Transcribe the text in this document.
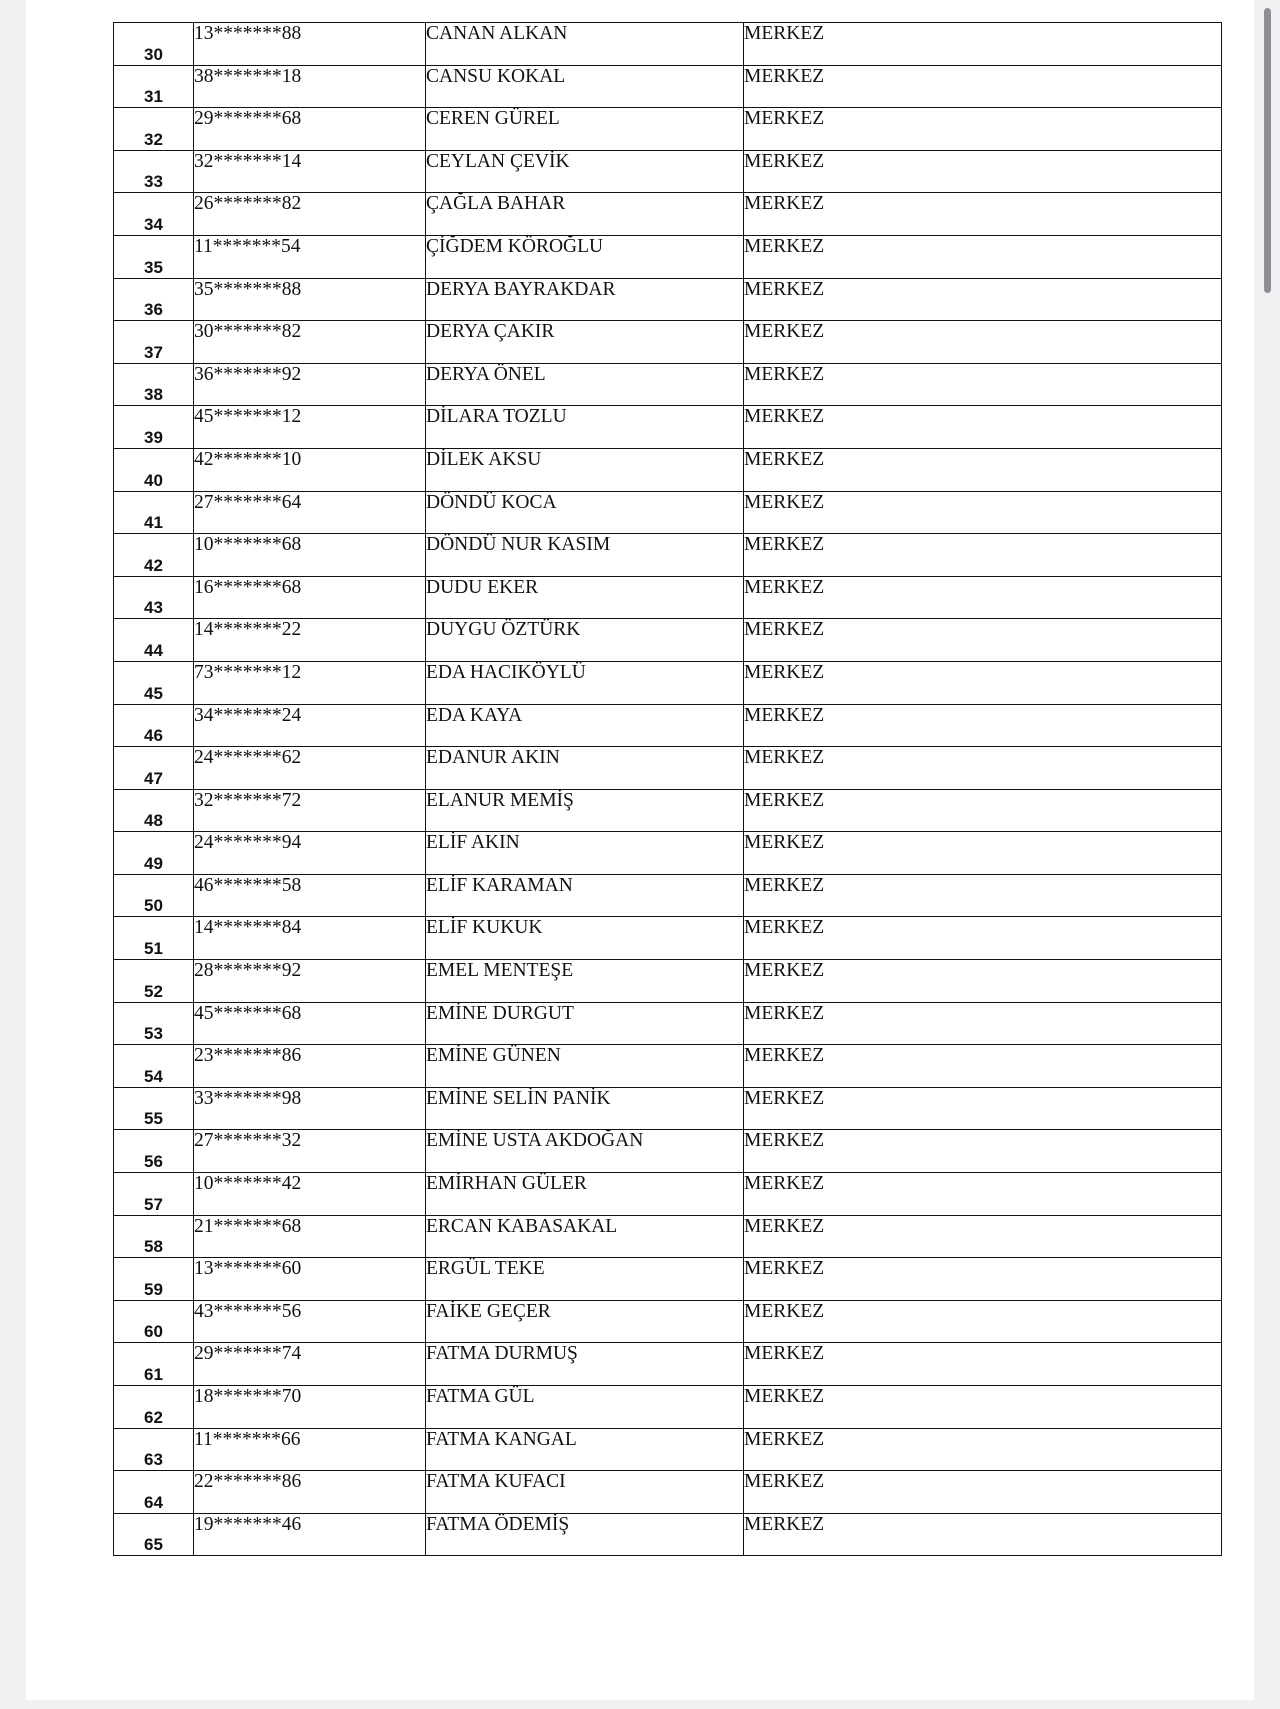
30	13*******88	CANAN ALKAN	MERKEZ
31	38*******18	CANSU KOKAL	MERKEZ
32	29*******68	CEREN GÜREL	MERKEZ
33	32*******14	CEYLAN ÇEVİK	MERKEZ
34	26*******82	ÇAĞLA BAHAR	MERKEZ
35	11*******54	ÇİĞDEM KÖROĞLU	MERKEZ
36	35*******88	DERYA BAYRAKDAR	MERKEZ
37	30*******82	DERYA ÇAKIR	MERKEZ
38	36*******92	DERYA ÖNEL	MERKEZ
39	45*******12	DİLARA TOZLU	MERKEZ
40	42*******10	DİLEK AKSU	MERKEZ
41	27*******64	DÖNDÜ KOCA	MERKEZ
42	10*******68	DÖNDÜ NUR KASIM	MERKEZ
43	16*******68	DUDU EKER	MERKEZ
44	14*******22	DUYGU ÖZTÜRK	MERKEZ
45	73*******12	EDA HACIKÖYLÜ	MERKEZ
46	34*******24	EDA KAYA	MERKEZ
47	24*******62	EDANUR AKIN	MERKEZ
48	32*******72	ELANUR MEMİŞ	MERKEZ
49	24*******94	ELİF AKIN	MERKEZ
50	46*******58	ELİF KARAMAN	MERKEZ
51	14*******84	ELİF KUKUK	MERKEZ
52	28*******92	EMEL MENTEŞE	MERKEZ
53	45*******68	EMİNE DURGUT	MERKEZ
54	23*******86	EMİNE GÜNEN	MERKEZ
55	33*******98	EMİNE SELİN PANİK	MERKEZ
56	27*******32	EMİNE USTA AKDOĞAN	MERKEZ
57	10*******42	EMİRHAN GÜLER	MERKEZ
58	21*******68	ERCAN KABASAKAL	MERKEZ
59	13*******60	ERGÜL TEKE	MERKEZ
60	43*******56	FAİKE GEÇER	MERKEZ
61	29*******74	FATMA DURMUŞ	MERKEZ
62	18*******70	FATMA GÜL	MERKEZ
63	11*******66	FATMA KANGAL	MERKEZ
64	22*******86	FATMA KUFACI	MERKEZ
65	19*******46	FATMA ÖDEMİŞ	MERKEZ
